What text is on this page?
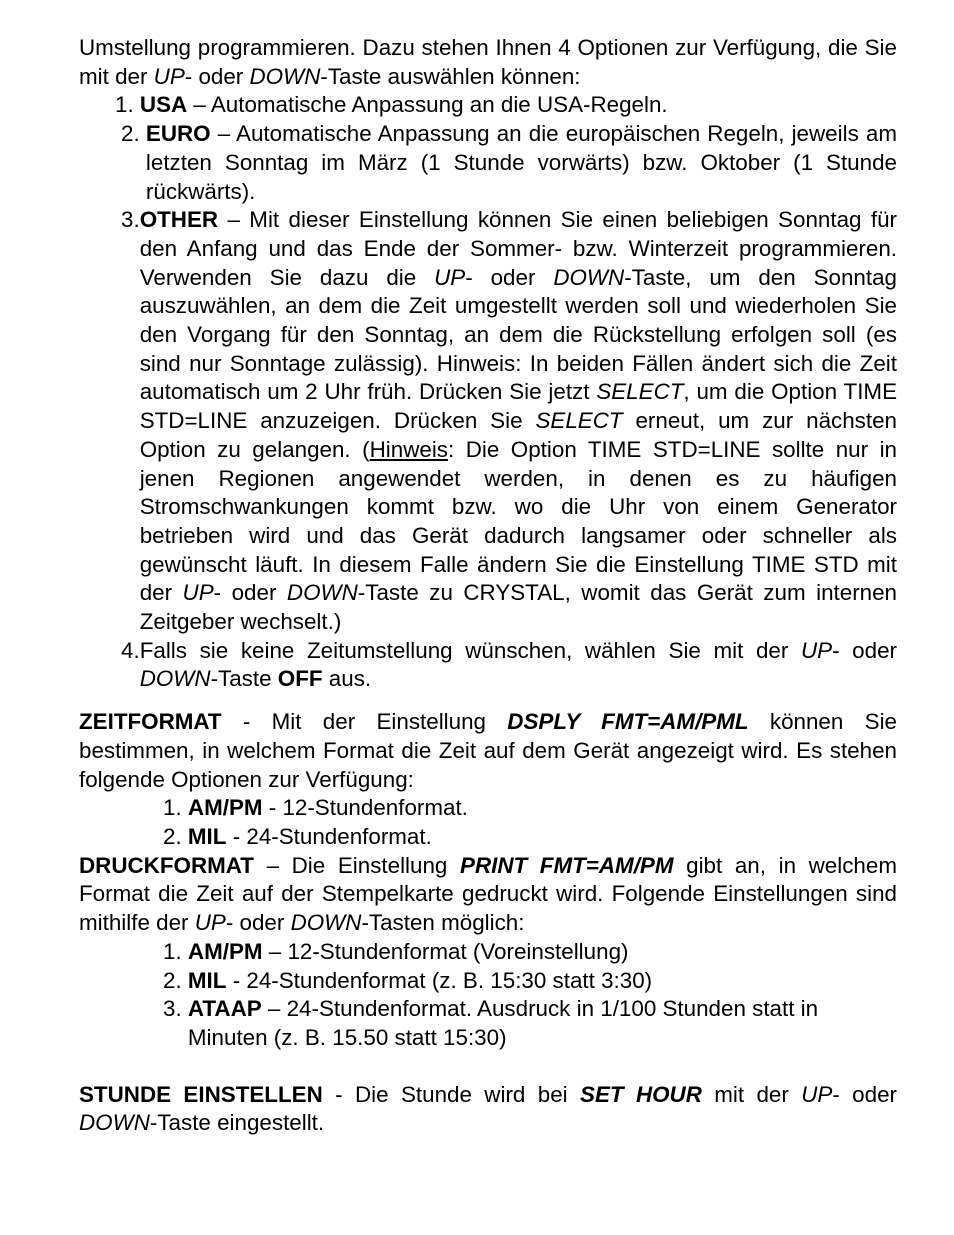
Umstellung programmieren. Dazu stehen Ihnen 4 Optionen zur Verfügung, die Sie mit der UP- oder DOWN-Taste auswählen können:

1. USA – Automatische Anpassung an die USA-Regeln.
2. EURO – Automatische Anpassung an die europäischen Regeln, jeweils am letzten Sonntag im März (1 Stunde vorwärts) bzw. Oktober (1 Stunde rückwärts).
3. OTHER – Mit dieser Einstellung können Sie einen beliebigen Sonntag für den Anfang und das Ende der Sommer- bzw. Winterzeit programmieren. Verwenden Sie dazu die UP- oder DOWN-Taste, um den Sonntag auszuwählen, an dem die Zeit umgestellt werden soll und wiederholen Sie den Vorgang für den Sonntag, an dem die Rückstellung erfolgen soll (es sind nur Sonntage zulässig). Hinweis: In beiden Fällen ändert sich die Zeit automatisch um 2 Uhr früh. Drücken Sie jetzt SELECT, um die Option TIME STD=LINE anzuzeigen. Drücken Sie SELECT erneut, um zur nächsten Option zu gelangen. (Hinweis: Die Option TIME STD=LINE sollte nur in jenen Regionen angewendet werden, in denen es zu häufigen Stromschwankungen kommt bzw. wo die Uhr von einem Generator betrieben wird und das Gerät dadurch langsamer oder schneller als gewünscht läuft. In diesem Falle ändern Sie die Einstellung TIME STD mit der UP- oder DOWN-Taste zu CRYSTAL, womit das Gerät zum internen Zeitgeber wechselt.)
4. Falls sie keine Zeitumstellung wünschen, wählen Sie mit der UP- oder DOWN-Taste OFF aus.

ZEITFORMAT - Mit der Einstellung DSPLY FMT=AM/PML können Sie bestimmen, in welchem Format die Zeit auf dem Gerät angezeigt wird. Es stehen folgende Optionen zur Verfügung:

1. AM/PM - 12-Stundenformat.
2. MIL - 24-Stundenformat.

DRUCKFORMAT – Die Einstellung PRINT FMT=AM/PM gibt an, in welchem Format die Zeit auf der Stempelkarte gedruckt wird. Folgende Einstellungen sind mithilfe der UP- oder DOWN-Tasten möglich:

1. AM/PM – 12-Stundenformat (Voreinstellung)
2. MIL - 24-Stundenformat (z. B. 15:30 statt 3:30)
3. ATAAP – 24-Stundenformat. Ausdruck in 1/100 Stunden statt in Minuten (z. B. 15.50 statt 15:30)

STUNDE EINSTELLEN - Die Stunde wird bei SET HOUR mit der UP- oder DOWN-Taste eingestellt.
